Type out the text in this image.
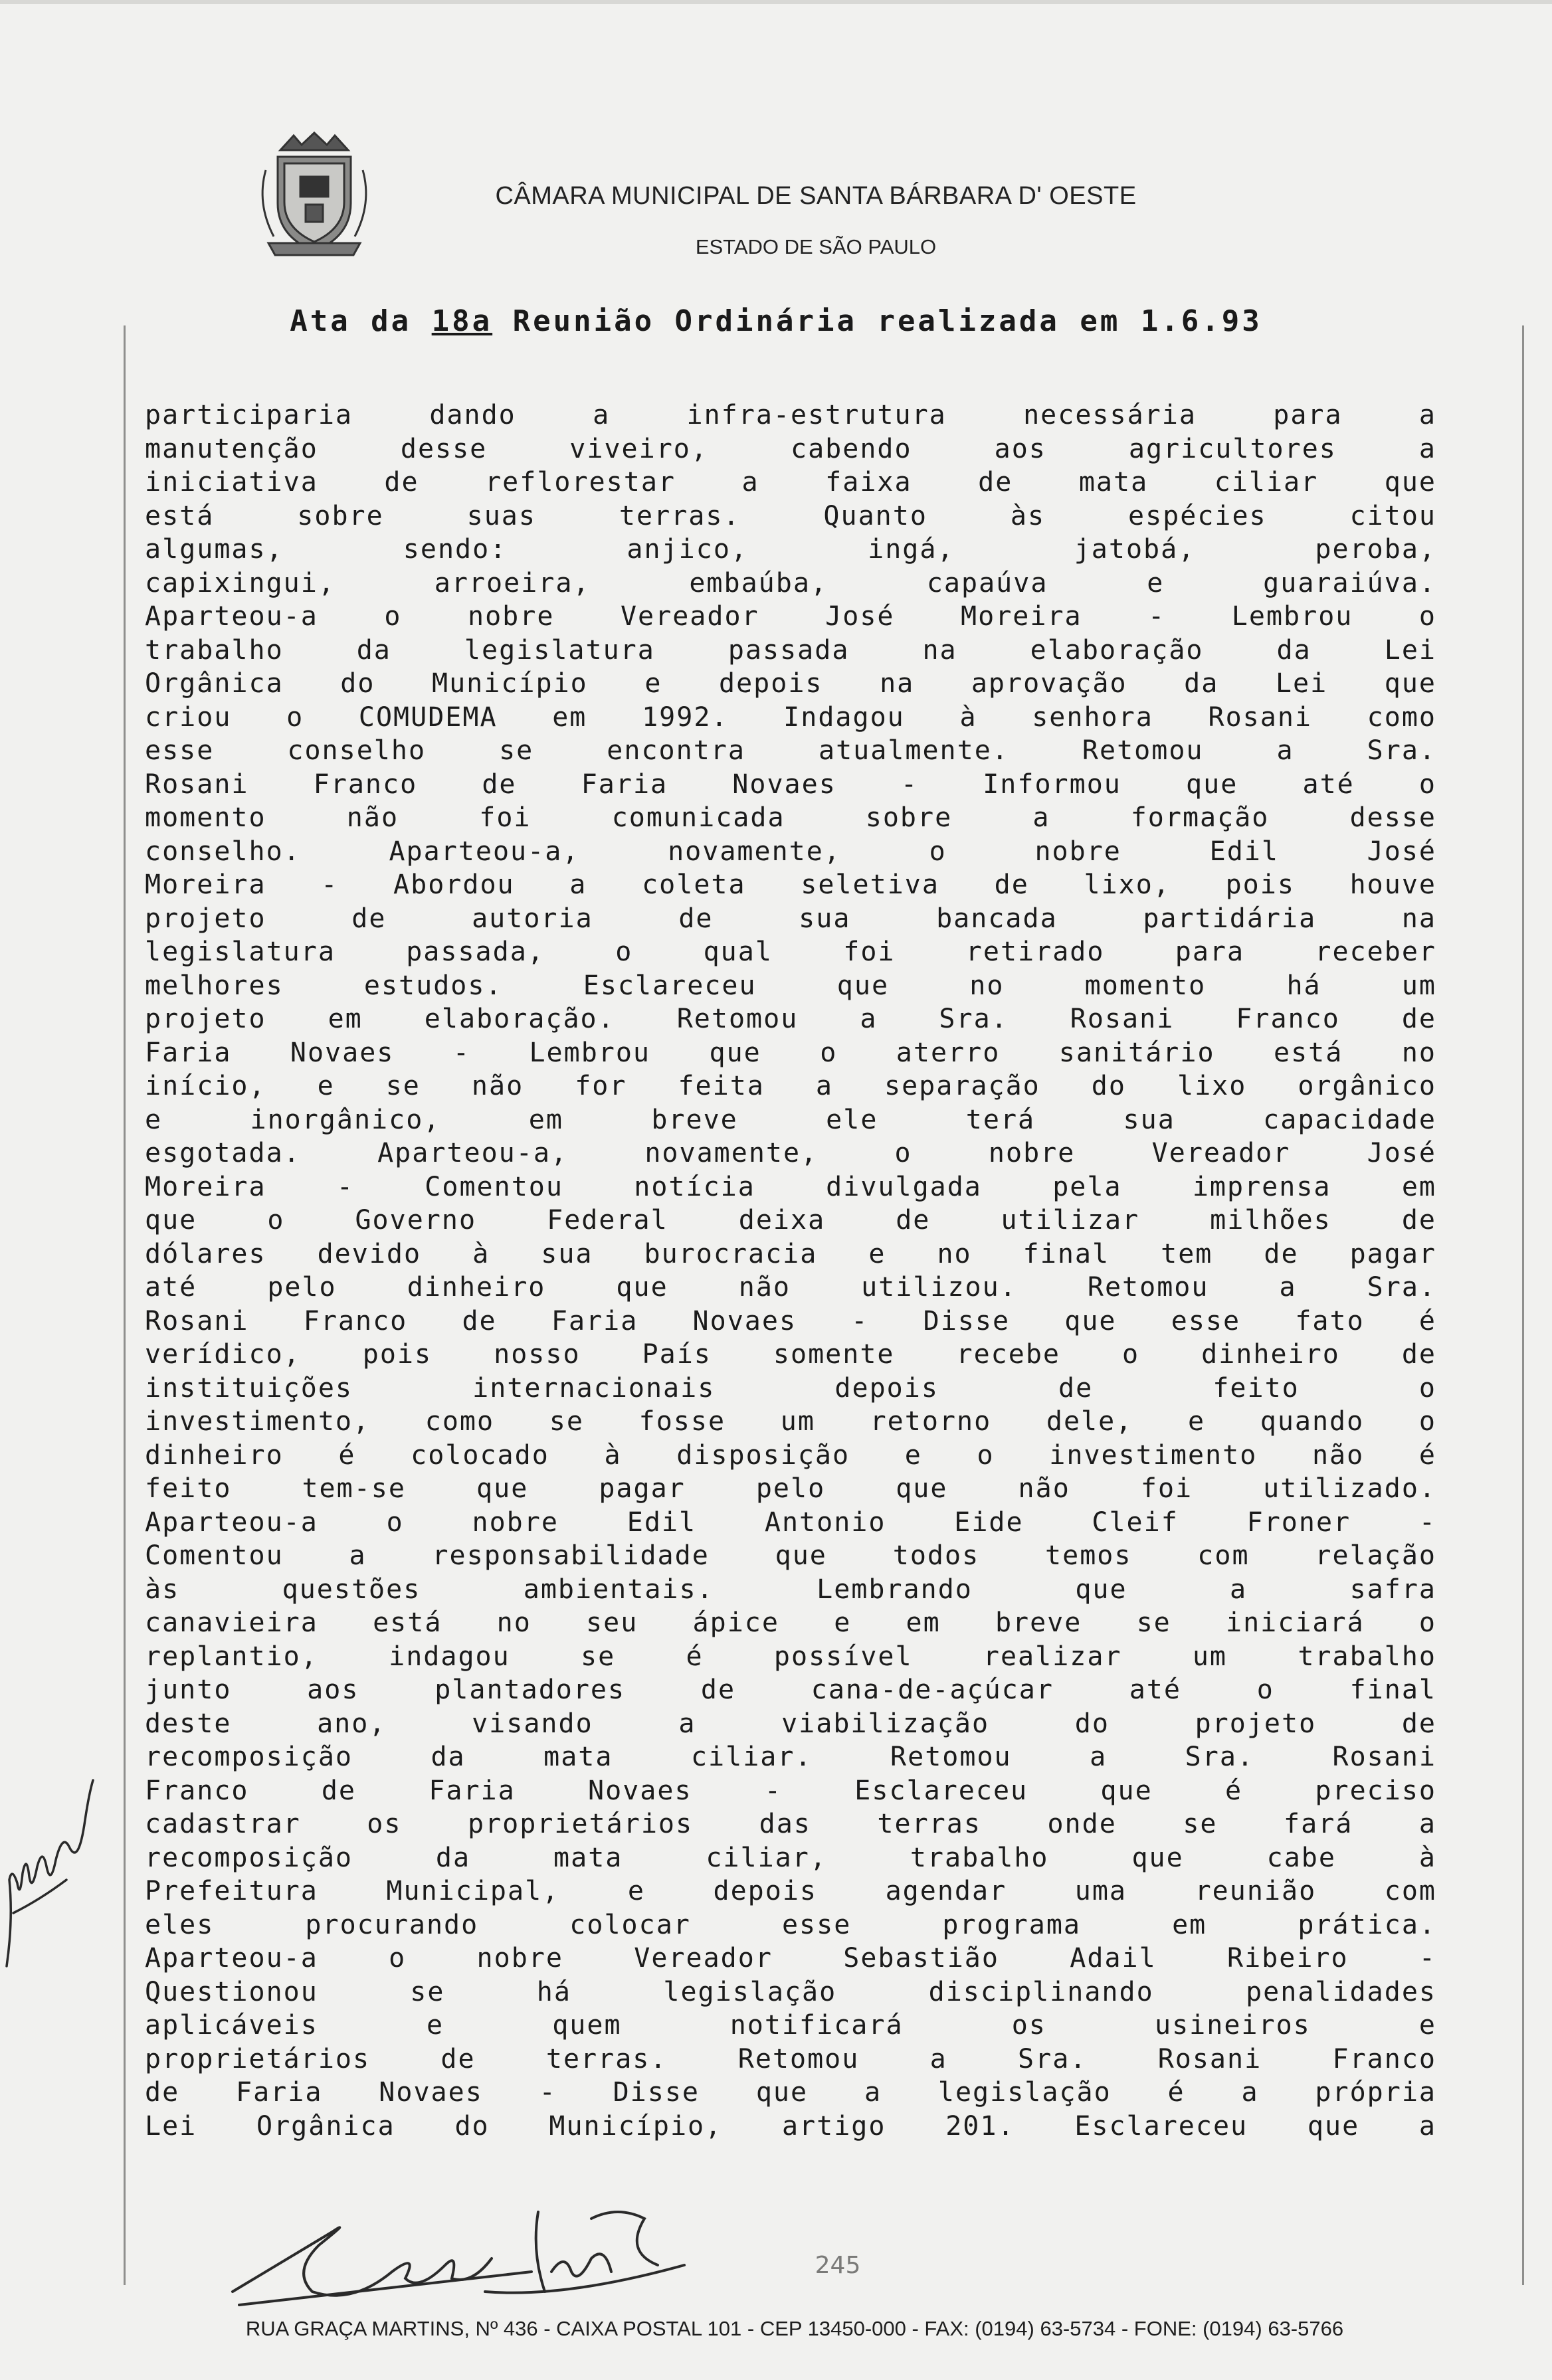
CÂMARA MUNICIPAL DE SANTA BÁRBARA D' OESTE
ESTADO DE SÃO PAULO
Ata da 18a Reunião Ordinária realizada em 1.6.93
participaria dando a infra-estrutura necessária para a
manutenção desse viveiro, cabendo aos agricultores a
iniciativa de reflorestar a faixa de mata ciliar que
está sobre suas terras. Quanto às espécies citou
algumas, sendo: anjico, ingá, jatobá, peroba,
capixingui, arroeira, embaúba, capaúva e guaraiúva.
Aparteou-a o nobre Vereador José Moreira - Lembrou o
trabalho da legislatura passada na elaboração da Lei
Orgânica do Município e depois na aprovação da Lei que
criou o COMUDEMA em 1992. Indagou à senhora Rosani como
esse conselho se encontra atualmente. Retomou a Sra.
Rosani Franco de Faria Novaes - Informou que até o
momento não foi comunicada sobre a formação desse
conselho. Aparteou-a, novamente, o nobre Edil José
Moreira - Abordou a coleta seletiva de lixo, pois houve
projeto de autoria de sua bancada partidária na
legislatura passada, o qual foi retirado para receber
melhores estudos. Esclareceu que no momento há um
projeto em elaboração. Retomou a Sra. Rosani Franco de
Faria Novaes - Lembrou que o aterro sanitário está no
início, e se não for feita a separação do lixo orgânico
e inorgânico, em breve ele terá sua capacidade
esgotada. Aparteou-a, novamente, o nobre Vereador José
Moreira - Comentou notícia divulgada pela imprensa em
que o Governo Federal deixa de utilizar milhões de
dólares devido à sua burocracia e no final tem de pagar
até pelo dinheiro que não utilizou. Retomou a Sra.
Rosani Franco de Faria Novaes - Disse que esse fato é
verídico, pois nosso País somente recebe o dinheiro de
instituições internacionais depois de feito o
investimento, como se fosse um retorno dele, e quando o
dinheiro é colocado à disposição e o investimento não é
feito tem-se que pagar pelo que não foi utilizado.
Aparteou-a o nobre Edil Antonio Eide Cleif Froner -
Comentou a responsabilidade que todos temos com relação
às questões ambientais. Lembrando que a safra
canavieira está no seu ápice e em breve se iniciará o
replantio, indagou se é possível realizar um trabalho
junto aos plantadores de cana-de-açúcar até o final
deste ano, visando a viabilização do projeto de
recomposição da mata ciliar. Retomou a Sra. Rosani
Franco de Faria Novaes - Esclareceu que é preciso
cadastrar os proprietários das terras onde se fará a
recomposição da mata ciliar, trabalho que cabe à
Prefeitura Municipal, e depois agendar uma reunião com
eles procurando colocar esse programa em prática.
Aparteou-a o nobre Vereador Sebastião Adail Ribeiro -
Questionou se há legislação disciplinando penalidades
aplicáveis e quem notificará os usineiros e
proprietários de terras. Retomou a Sra. Rosani Franco
de Faria Novaes - Disse que a legislação é a própria
Lei Orgânica do Município, artigo 201. Esclareceu que a
245
RUA GRAÇA MARTINS, Nº 436 - CAIXA POSTAL 101 - CEP 13450-000 - FAX: (0194) 63-5734 - FONE: (0194) 63-5766
